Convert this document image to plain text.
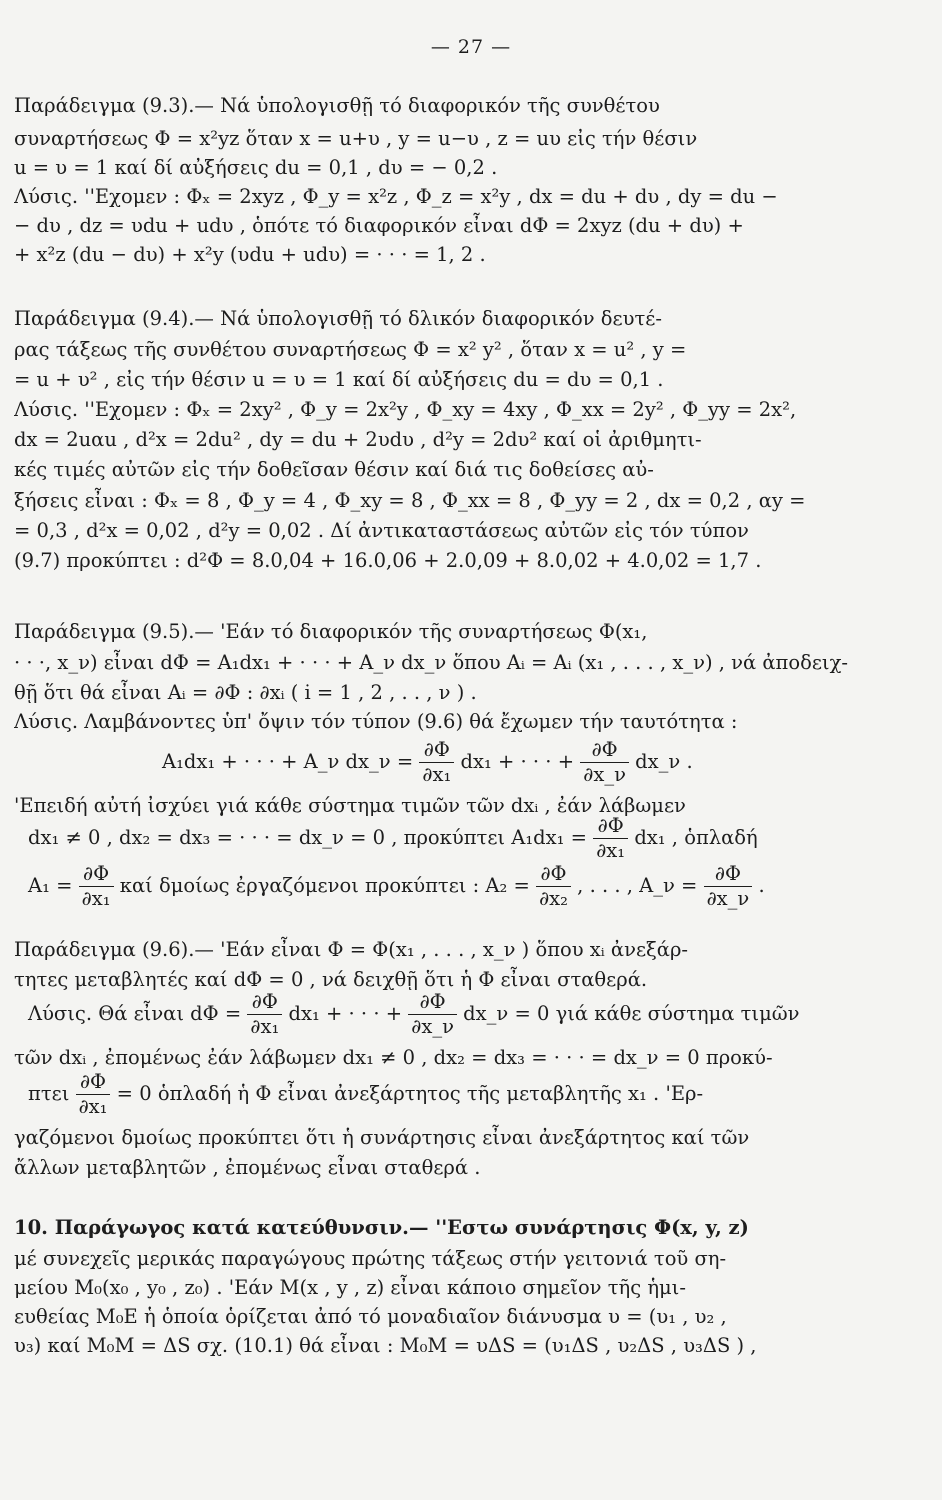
— 27 —
Παράδειγμα (9.3).— Νά ὑπολογισθῇ τό διαφορικόν τῆς συνθέτου
συναρτήσεως Φ = x²yz ὅταν x = u+υ , y = u−υ , z = uυ εἰς τήν θέσιν
u = υ = 1 καί δί αὐξήσεις du = 0,1 , dυ = − 0,2 .
Λύσις. ''Εχομεν : Φₓ = 2xyz , Φ_y = x²z , Φ_z = x²y , dx = du + dυ , dy = du −
− dυ , dz = υdu + udυ , ὁπότε τό διαφορικόν εἶναι dΦ = 2xyz (du + dυ) +
+ x²z (du − dυ) + x²y (υdu + udυ) = · · · = 1, 2 .
Παράδειγμα (9.4).— Νά ὑπολογισθῇ τό δλικόν διαφορικόν δευτέ-
ρας τάξεως τῆς συνθέτου συναρτήσεως Φ = x² y² , ὅταν x = u² , y =
= u + υ² , εἰς τήν θέσιν u = υ = 1 καί δί αὐξήσεις du = dυ = 0,1 .
Λύσις. ''Εχομεν : Φₓ = 2xy² , Φ_y = 2x²y , Φ_xy = 4xy , Φ_xx = 2y² , Φ_yy = 2x²,
dx = 2uαu , d²x = 2du² , dy = du + 2υdυ , d²y = 2dυ² καί οἱ ἀριθμητι-
κές τιμές αὐτῶν εἰς τήν δοθεῖσαν θέσιν καί διά τις δοθείσες αὐ-
ξήσεις εἶναι : Φₓ = 8 , Φ_y = 4 , Φ_xy = 8 , Φ_xx = 8 , Φ_yy = 2 , dx = 0,2 , αy =
= 0,3 , d²x = 0,02 , d²y = 0,02 . Δί ἀντικαταστάσεως αὐτῶν εἰς τόν τύπον
(9.7) προκύπτει : d²Φ = 8.0,04 + 16.0,06 + 2.0,09 + 8.0,02 + 4.0,02 = 1,7 .
Παράδειγμα (9.5).— 'Εάν τό διαφορικόν τῆς συναρτήσεως Φ(x₁,
· · ·, x_ν) εἶναι dΦ = A₁dx₁ + · · · + A_ν dx_ν ὅπου Aᵢ = Aᵢ (x₁ , . . . , x_ν) , νά ἀποδειχ-
θῇ ὅτι θά εἶναι Aᵢ = ∂Φ : ∂xᵢ ( i = 1 , 2 , . . , ν ) .
Λύσις. Λαμβάνοντες ὑπ' ὄψιν τόν τύπον (9.6) θά ἔχωμεν τήν ταυτότητα :
A₁dx₁ + · · · + A_ν dx_ν = $\frac{\partial\Phi}{\text{∂x₁}} dx_1$ + · · · + $\frac{\partial\Phi}{\partial x\_\nu}$ dx_ν .
'Επειδή αὐτή ἰσχύει γιά κάθε σύστημα τιμῶν τῶν dxᵢ , ἐάν λάβωμεν
dx₁ ≠ 0 , dx₂ = dx₃ = · · · = dx_ν = 0 , προκύπτει $A_1dx_1 = \frac{\partial\Phi}{\text{∂x₁}} dx_1$ , ὁπλαδή
$A_1 = \frac{\partial\Phi}{\text{∂x₁}}$ καί δμοίως ἐργαζόμενοι προκύπτει : $A_2 = \frac{\partial\Phi}{\text{∂x₂}}$ , . . . , A_ν = $\frac{\partial\Phi}{\partial x\_\nu}$ .
Παράδειγμα (9.6).— 'Εάν εἶναι Φ = Φ(x₁ , . . . , x_ν ) ὅπου xᵢ ἀνεξάρ-
τητες μεταβλητές καί dΦ = 0 , νά δειχθῇ ὅτι ἡ Φ εἶναι σταθερά.
Λύσις. Θά εἶναι $d\Phi = \frac{\partial\Phi}{\text{∂x₁}} dx_1$ + · · · + $\frac{\partial\Phi}{\partial x\_\nu}$ dx_ν = 0 γιά κάθε σύστημα τιμῶν
τῶν dxᵢ , ἐπομένως ἐάν λάβωμεν dx₁ ≠ 0 , dx₂ = dx₃ = · · · = dx_ν = 0 προκύ-
πτει $\frac{\partial\Phi}{\text{∂x₁}} = 0$ ὁπλαδή ἡ Φ εἶναι ἀνεξάρτητος τῆς μεταβλητῆς x₁ . 'Ερ-
γαζόμενοι δμοίως προκύπτει ὅτι ἡ συνάρτησις εἶναι ἀνεξάρτητος καί τῶν
ἄλλων μεταβλητῶν , ἐπομένως εἶναι σταθερά .
10. Παράγωγος κατά κατεύθυνσιν.— ''Εστω συνάρτησις Φ(x, y, z)
μέ συνεχεῖς μερικάς παραγώγους πρώτης τάξεως στήν γειτονιά τοῦ ση-
μείου M₀(x₀ , y₀ , z₀) . 'Εάν M(x , y , z) εἶναι κάποιο σημεῖον τῆς ἡμι-
ευθείας M₀E ἡ ὁποία ὁρίζεται ἀπό τό μοναδιαῖον διάνυσμα υ = (υ₁ , υ₂ ,
υ₃) καί M₀M = ΔS σχ. (10.1) θά εἶναι : M₀M = υΔS = (υ₁ΔS , υ₂ΔS , υ₃ΔS ) ,
